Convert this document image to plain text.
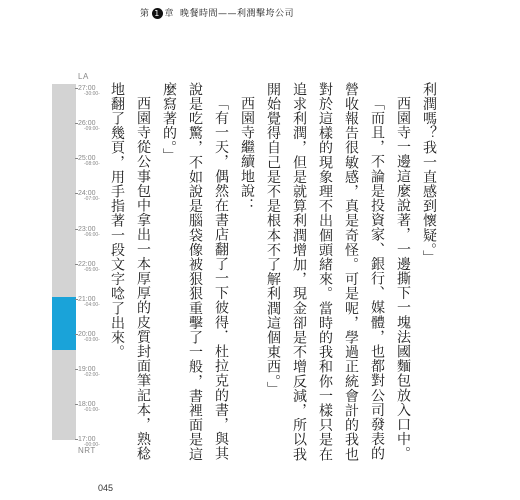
第 1 章 晚餐時間——利潤擊垮公司
LA
27:00
-30:00-
26:00
-09:00-
25:00
-08:00-
24:00
-07:00-
23:00
-06:00-
22:00
-05:00-
21:00
-04:00-
20:00
-03:00-
19:00
-02:00-
18:00
-01:00-
17:00
-00:00-
NRT

利潤嗎？我一直感到懷疑。」

西園寺一邊這麼說著，一邊撕下一塊法國麵包放入口中。

「而且，不論是投資家、銀行、媒體，也都對公司發表的營收報告很敏感，真是奇怪。可是呢，學過正統會計的我也對於這樣的現象理不出個頭緒來。當時的我和你一樣只是在追求利潤，但是就算利潤增加，現金卻是不增反減，所以我開始覺得自己是不是根本不了解利潤這個東西。」

西園寺繼續地說：

「有一天，偶然在書店翻了一下彼得．杜拉克的書，與其說是吃驚，不如說是腦袋像被狠狠重擊了一般，書裡面是這麼寫著的。」

西園寺從公事包中拿出一本厚厚的皮質封面筆記本，熟稔地翻了幾頁，用手指著一段文字唸了出來。

045
